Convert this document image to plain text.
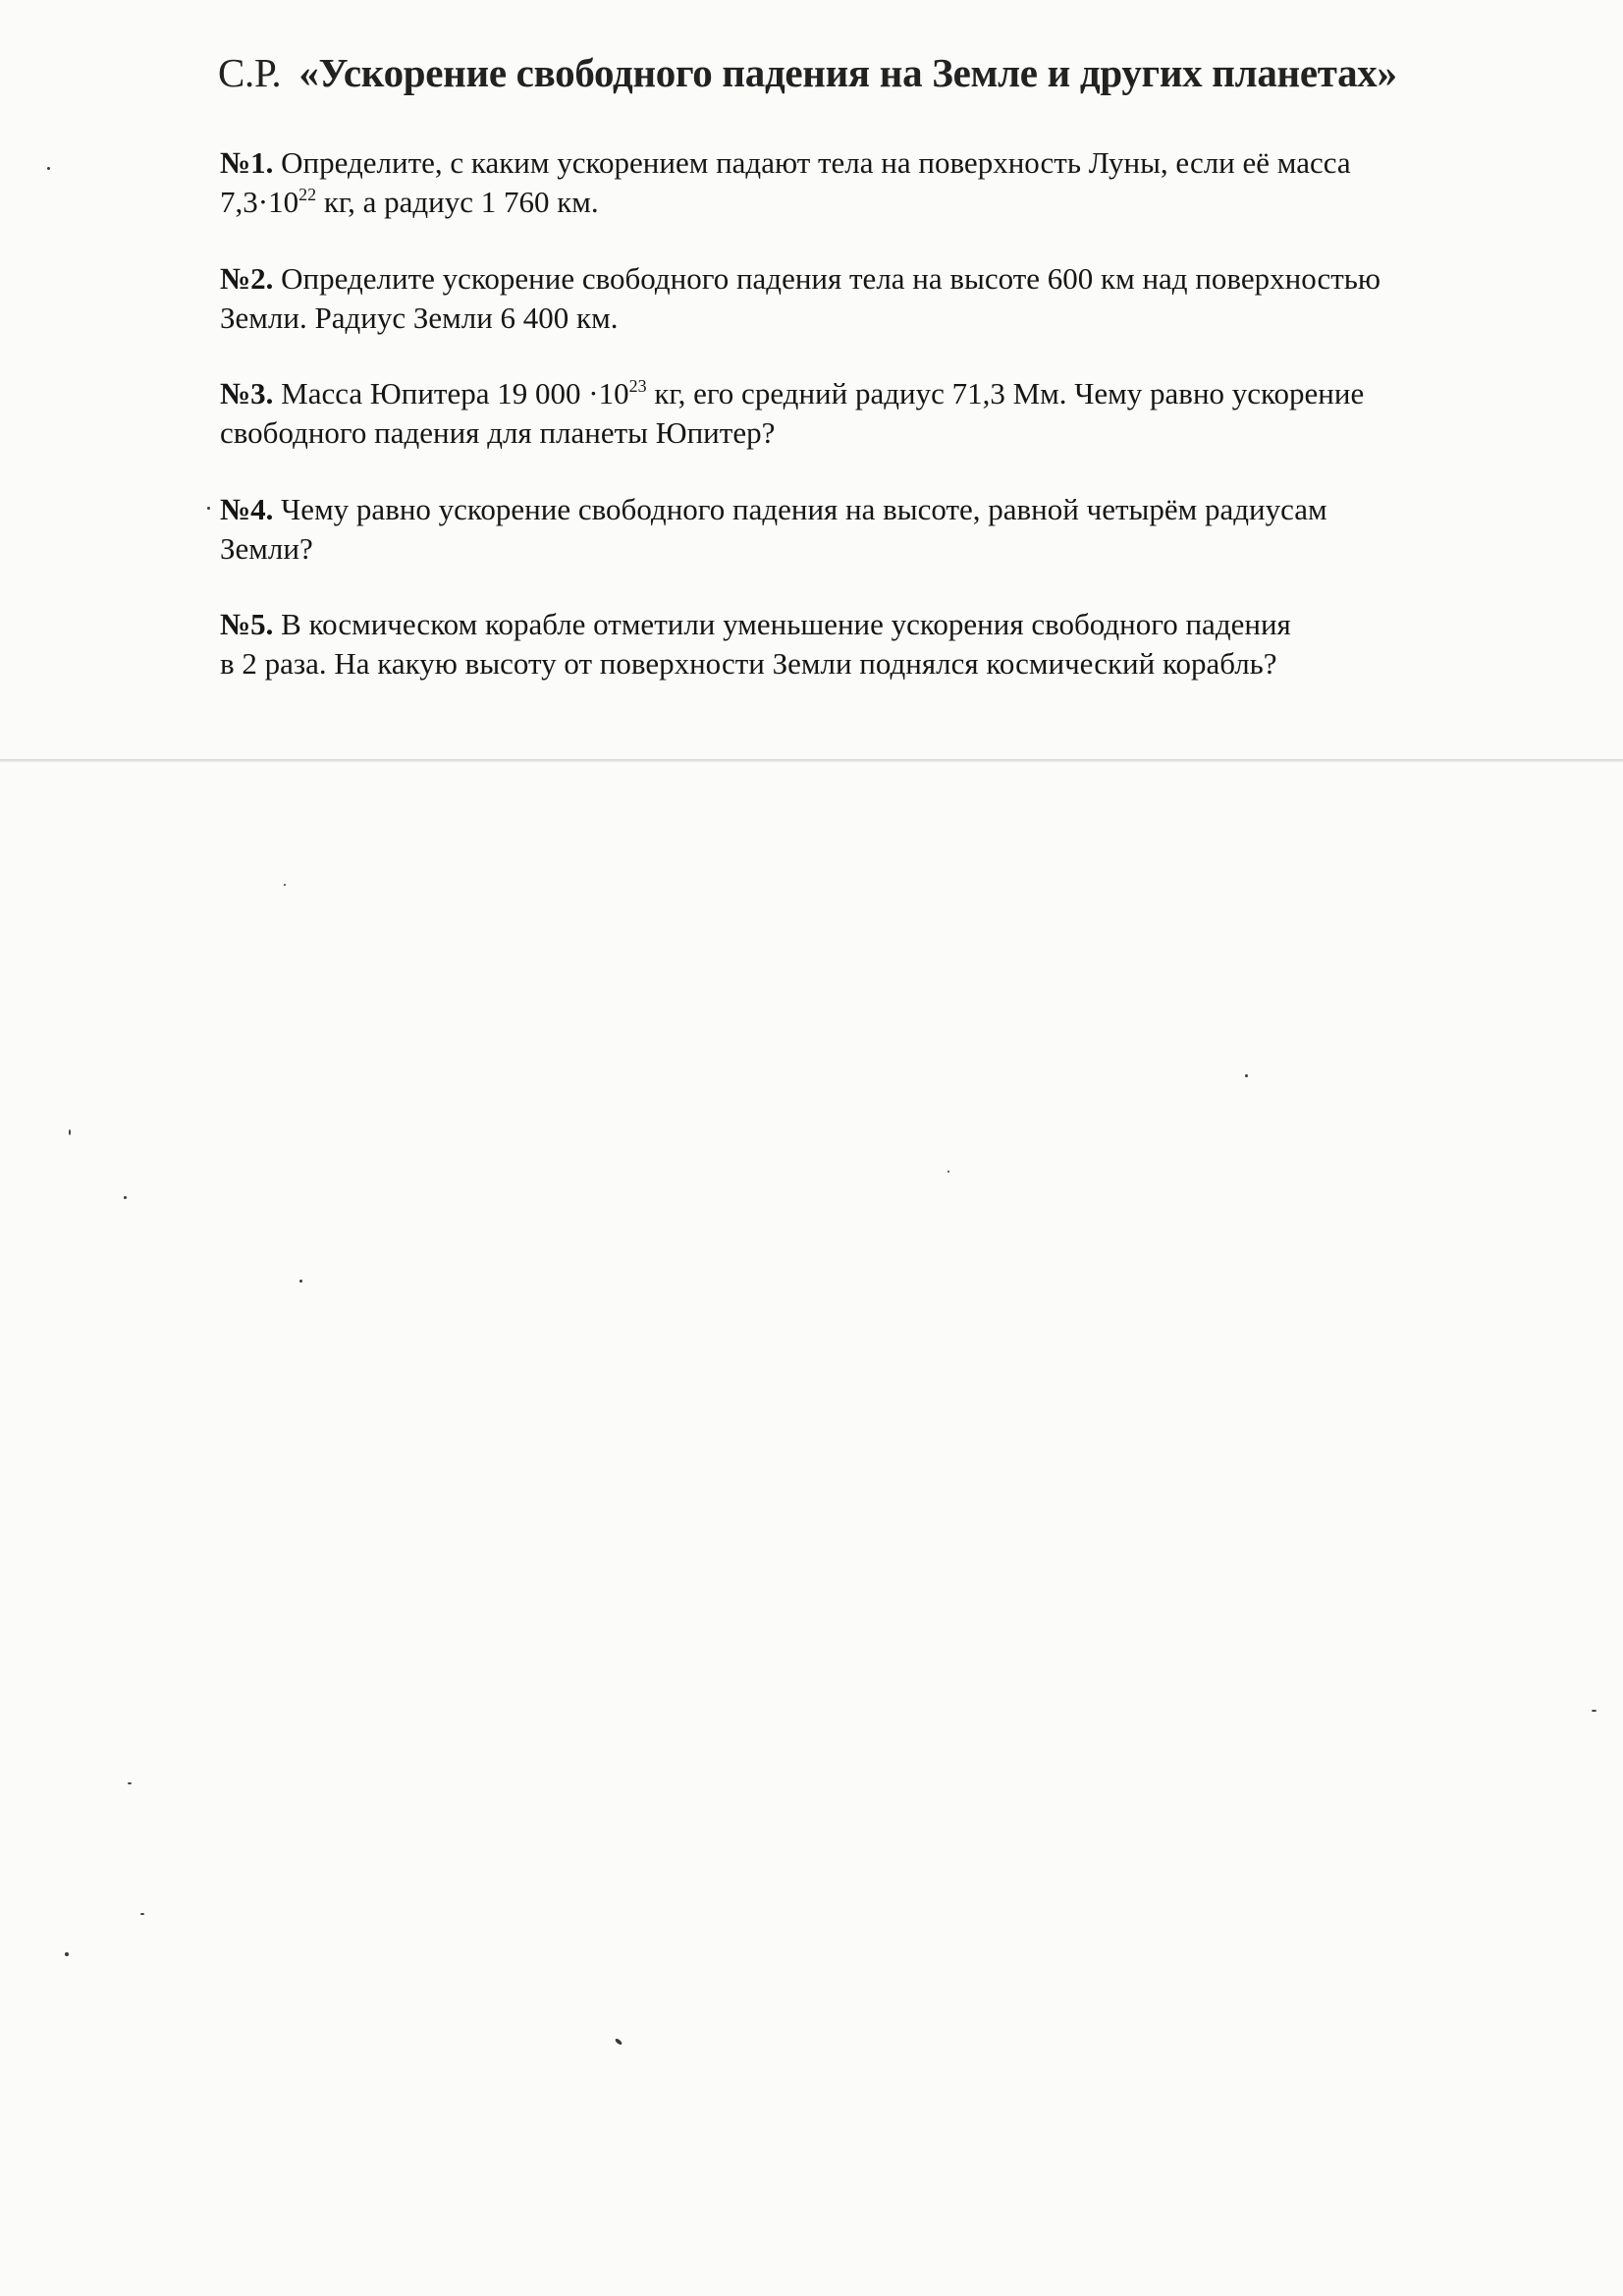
С.Р. «Ускорение свободного падения на Земле и других планетах»
№1. Определите, с каким ускорением падают тела на поверхность Луны, если её масса
$7,3\cdot 10^{22}$ кг, а радиус 1 760 км.
№2. Определите ускорение свободного падения тела на высоте 600 км над поверхностью
Земли. Радиус Земли 6 400 км.
№3. Масса Юпитера 19 $000 \cdot 10^{23}$ кг, его средний радиус 71,3 Мм. Чему равно ускорение
свободного падения для планеты Юпитер?
№4. Чему равно ускорение свободного падения на высоте, равной четырём радиусам
Земли?
№5. В космическом корабле отметили уменьшение ускорения свободного падения
в 2 раза. На какую высоту от поверхности Земли поднялся космический корабль?
